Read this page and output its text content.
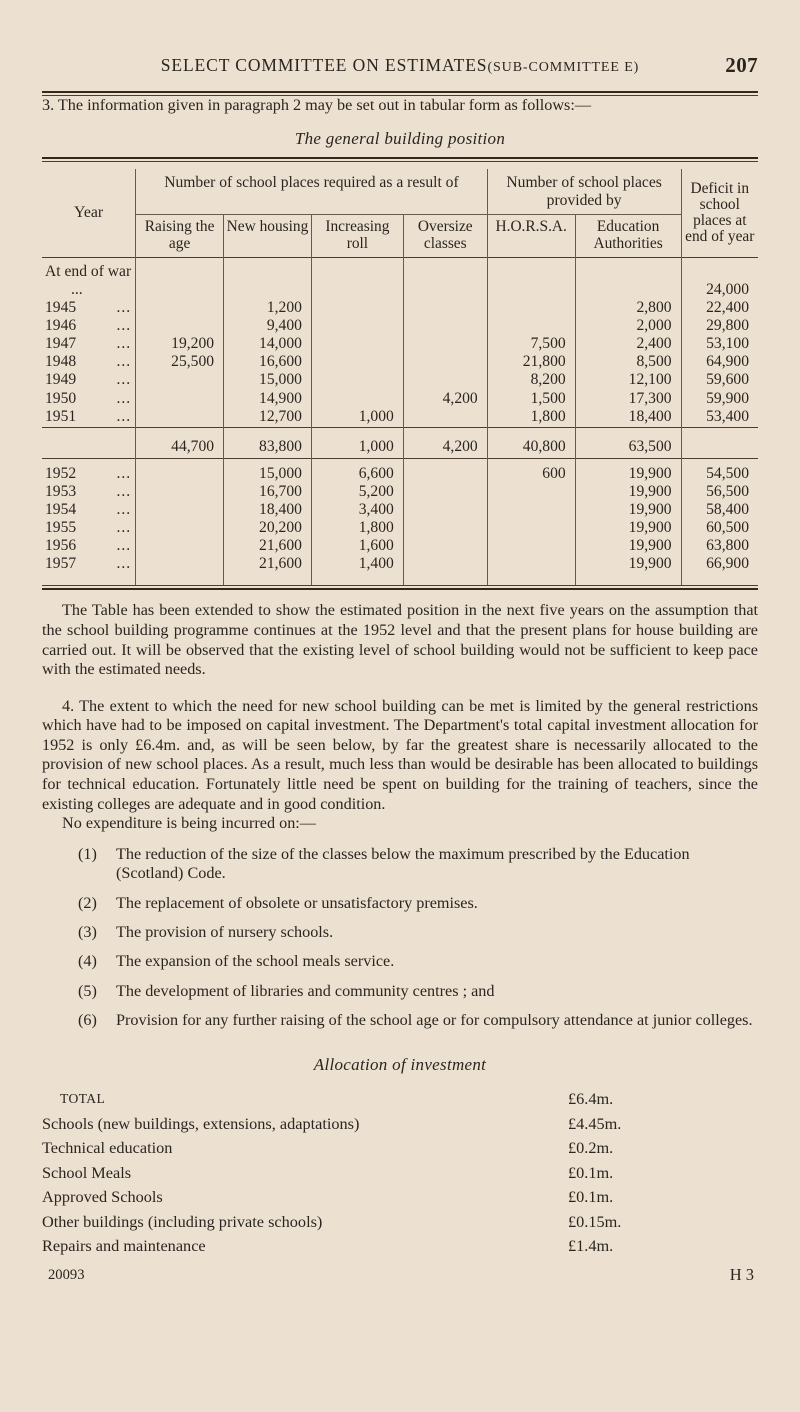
SELECT COMMITTEE ON ESTIMATES(SUB-COMMITTEE E)	207

3. The information given in paragraph 2 may be set out in tabular form as follows:—

The general building position
Year	Number of school places required as a result of				Number of school places provided by		Deficit in school places at end of year
	Raising the age	New housing	Increasing roll	Oversize classes	H.O.R.S.A.	Education Authorities	

At end of war							
...							24,000
1945 ...		1,200				2,800	22,400
1946 ...		9,400				2,000	29,800
1947 ...	19,200	14,000			7,500	2,400	53,100
1948 ...	25,500	16,600			21,800	8,500	64,900
1949 ...		15,000			8,200	12,100	59,600
1950 ...		14,900		4,200	1,500	17,300	59,900
1951 ...		12,700	1,000		1,800	18,400	53,400

	44,700	83,800	1,000	4,200	40,800	63,500	

1952 ...		15,000	6,600		600	19,900	54,500
1953 ...		16,700	5,200			19,900	56,500
1954 ...		18,400	3,400			19,900	58,400
1955 ...		20,200	1,800			19,900	60,500
1956 ...		21,600	1,600			19,900	63,800
1957 ...		21,600	1,400			19,900	66,900

The Table has been extended to show the estimated position in the next five years on the assumption that the school building programme continues at the 1952 level and that the present plans for house building are carried out. It will be observed that the existing level of school building would not be sufficient to keep pace with the estimated needs.

4. The extent to which the need for new school building can be met is limited by the general restrictions which have had to be imposed on capital investment. The Department's total capital investment allocation for 1952 is only £6.4m. and, as will be seen below, by far the greatest share is necessarily allocated to the provision of new school places. As a result, much less than would be desirable has been allocated to buildings for technical education. Fortunately little need be spent on building for the training of teachers, since the existing colleges are adequate and in good condition.

No expenditure is being incurred on:—

(1)	The reduction of the size of the classes below the maximum prescribed by the Education (Scotland) Code.
(2)	The replacement of obsolete or unsatisfactory premises.
(3)	The provision of nursery schools.
(4)	The expansion of the school meals service.
(5)	The development of libraries and community centres ; and
(6)	Provision for any further raising of the school age or for compulsory attendance at junior colleges.
Allocation of investment
TOTAL	£6.4m.
Schools (new buildings, extensions, adaptations)	£4.45m.
Technical education	£0.2m.
School Meals	£0.1m.
Approved Schools	£0.1m.
Other buildings (including private schools)	£0.15m.
Repairs and maintenance	£1.4m.
20093	H 3
